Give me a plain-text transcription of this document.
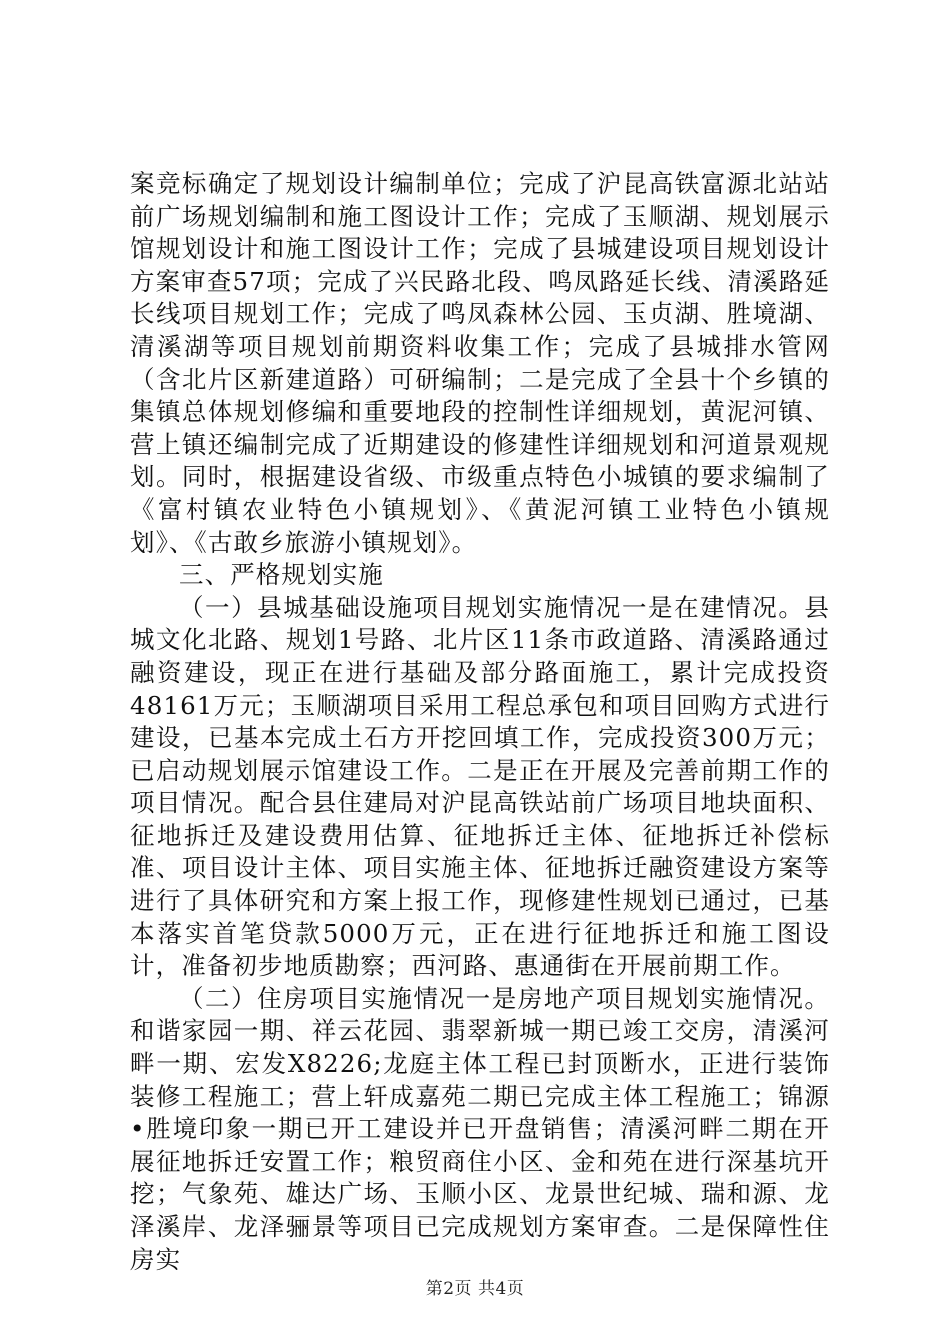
案竞标确定了规划设计编制单位；完成了沪昆高铁富源北站站前广场规划编制和施工图设计工作；完成了玉顺湖、规划展示馆规划设计和施工图设计工作；完成了县城建设项目规划设计方案审查57项；完成了兴民路北段、鸣凤路延长线、清溪路延长线项目规划工作；完成了鸣凤森林公园、玉贞湖、胜境湖、清溪湖等项目规划前期资料收集工作；完成了县城排水管网（含北片区新建道路）可研编制；二是完成了全县十个乡镇的集镇总体规划修编和重要地段的控制性详细规划，黄泥河镇、营上镇还编制完成了近期建设的修建性详细规划和河道景观规划。同时，根据建设省级、市级重点特色小城镇的要求编制了《富村镇农业特色小镇规划》、《黄泥河镇工业特色小镇规划》、《古敢乡旅游小镇规划》。

三、严格规划实施

（一）县城基础设施项目规划实施情况一是在建情况。县城文化北路、规划1号路、北片区11条市政道路、清溪路通过融资建设，现正在进行基础及部分路面施工，累计完成投资48161万元；玉顺湖项目采用工程总承包和项目回购方式进行建设，已基本完成土石方开挖回填工作，完成投资300万元；已启动规划展示馆建设工作。二是正在开展及完善前期工作的项目情况。配合县住建局对沪昆高铁站前广场项目地块面积、征地拆迁及建设费用估算、征地拆迁主体、征地拆迁补偿标准、项目设计主体、项目实施主体、征地拆迁融资建设方案等进行了具体研究和方案上报工作，现修建性规划已通过，已基本落实首笔贷款5000万元，正在进行征地拆迁和施工图设计，准备初步地质勘察；西河路、惠通街在开展前期工作。

（二）住房项目实施情况一是房地产项目规划实施情况。和谐家园一期、祥云花园、翡翠新城一期已竣工交房，清溪河畔一期、宏发X8226;龙庭主体工程已封顶断水，正进行装饰装修工程施工；营上轩成嘉苑二期已完成主体工程施工；锦源•胜境印象一期已开工建设并已开盘销售；清溪河畔二期在开展征地拆迁安置工作；粮贸商住小区、金和苑在进行深基坑开挖；气象苑、雄达广场、玉顺小区、龙景世纪城、瑞和源、龙泽溪岸、龙泽骊景等项目已完成规划方案审查。二是保障性住房实

第2页 共4页
